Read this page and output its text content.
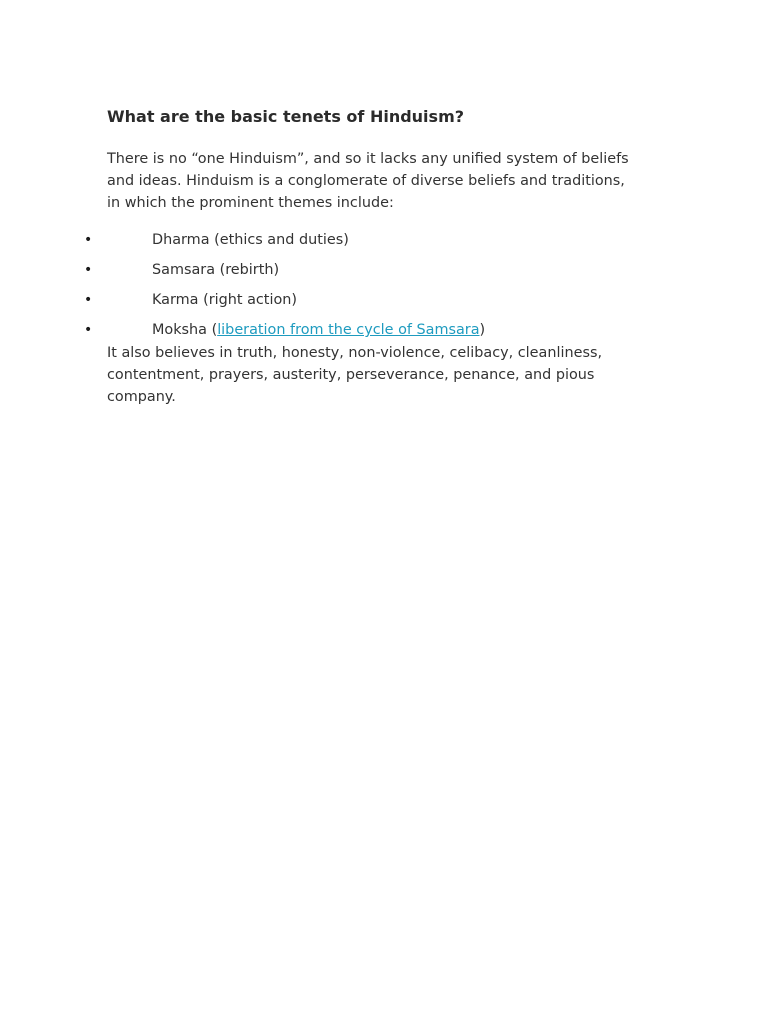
What are the basic tenets of Hinduism?

There is no “one Hinduism”, and so it lacks any unified system of beliefs
and ideas. Hinduism is a conglomerate of diverse beliefs and traditions,
in which the prominent themes include:

•	Dharma (ethics and duties)
•	Samsara (rebirth)
•	Karma (right action)
•	Moksha (liberation from the cycle of Samsara)

It also believes in truth, honesty, non-violence, celibacy, cleanliness,
contentment, prayers, austerity, perseverance, penance, and pious
company.
